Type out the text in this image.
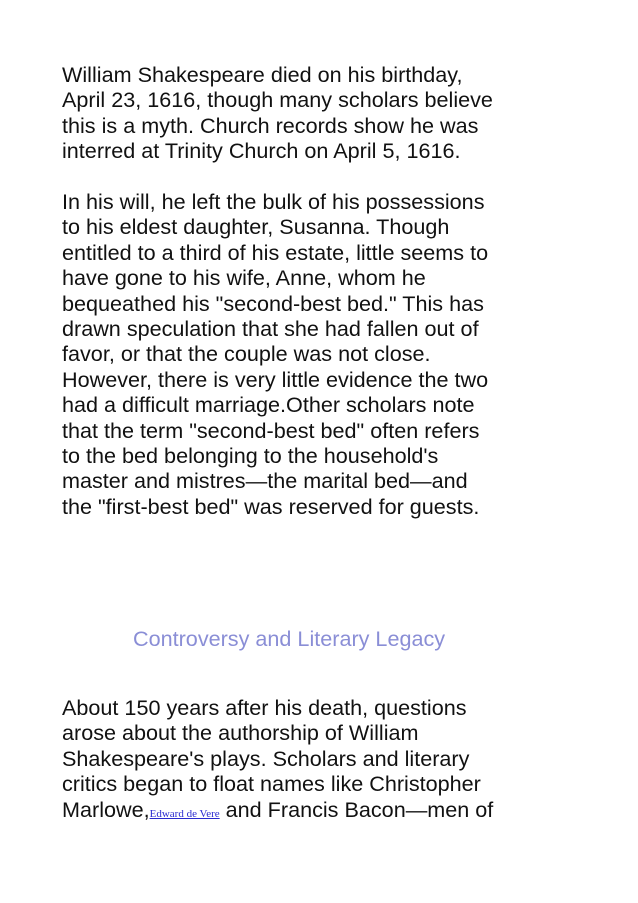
William Shakespeare died on his birthday,
April 23, 1616, though many scholars believe
this is a myth. Church records show he was
interred at Trinity Church on April 5, 1616.

In his will, he left the bulk of his possessions
to his eldest daughter, Susanna. Though
entitled to a third of his estate, little seems to
have gone to his wife, Anne, whom he
bequeathed his "second-best bed." This has
drawn speculation that she had fallen out of
favor, or that the couple was not close.
However, there is very little evidence the two
had a difficult marriage.Other scholars note
that the term "second-best bed" often refers
to the bed belonging to the household's
master and mistres—the marital bed—and
the "first-best bed" was reserved for guests.

Controversy and Literary Legacy

About 150 years after his death, questions
arose about the authorship of William
Shakespeare's plays. Scholars and literary
critics began to float names like Christopher
Marlowe,Edward de Vere and Francis Bacon—men of
